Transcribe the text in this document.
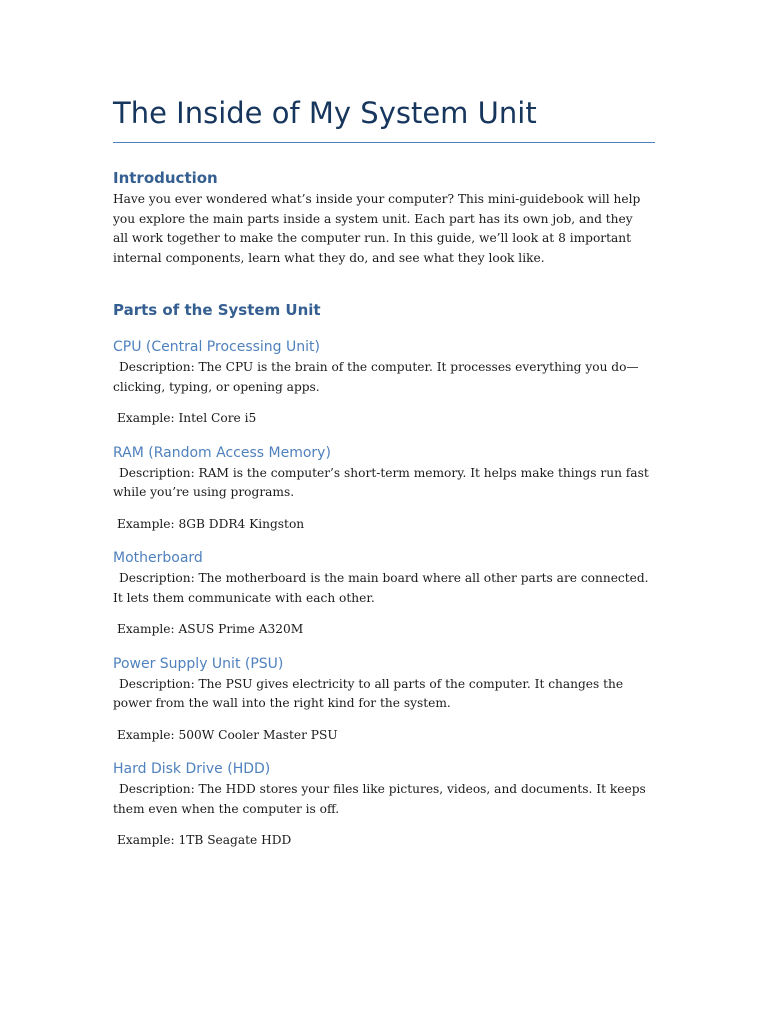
The Inside of My System Unit
Introduction

Have you ever wondered what’s inside your computer? This mini-guidebook will help you explore the main parts inside a system unit. Each part has its own job, and they all work together to make the computer run. In this guide, we’ll look at 8 important internal components, learn what they do, and see what they look like.

Parts of the System Unit
CPU (Central Processing Unit)

Description: The CPU is the brain of the computer. It processes everything you do—clicking, typing, or opening apps.

Example: Intel Core i5

RAM (Random Access Memory)

Description: RAM is the computer’s short-term memory. It helps make things run fast while you’re using programs.

Example: 8GB DDR4 Kingston

Motherboard

Description: The motherboard is the main board where all other parts are connected. It lets them communicate with each other.

Example: ASUS Prime A320M

Power Supply Unit (PSU)

Description: The PSU gives electricity to all parts of the computer. It changes the power from the wall into the right kind for the system.

Example: 500W Cooler Master PSU

Hard Disk Drive (HDD)

Description: The HDD stores your files like pictures, videos, and documents. It keeps them even when the computer is off.

Example: 1TB Seagate HDD
